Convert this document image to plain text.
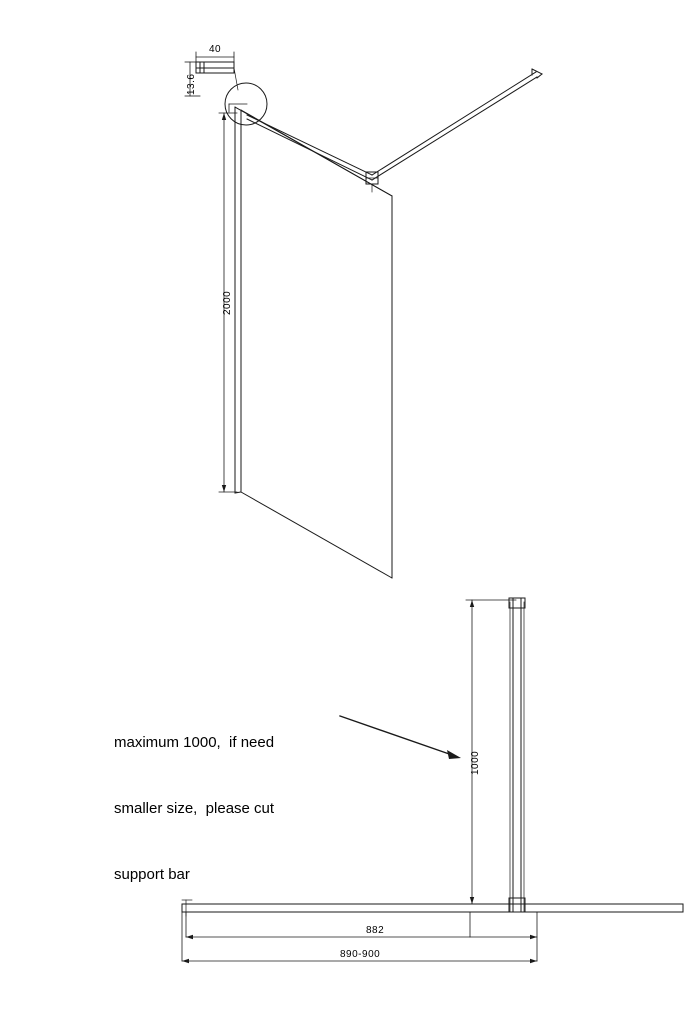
40
13.6
2000
1000
882
890-900

maximum 1000,  if need

smaller size,  please cut

support bar
